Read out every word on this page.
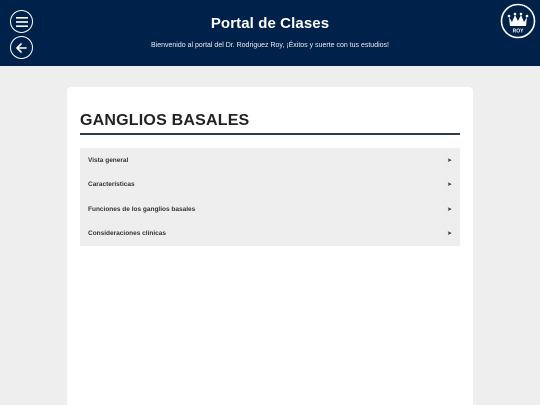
Portal de Clases
Bienvenido al portal del Dr. Rodriguez Roy, ¡Éxitos y suerte con tus estudios!
ROY
GANGLIOS BASALES
Vista general	➤
Características	➤
Funciones de los ganglios basales	➤
Consideraciones clínicas	➤
